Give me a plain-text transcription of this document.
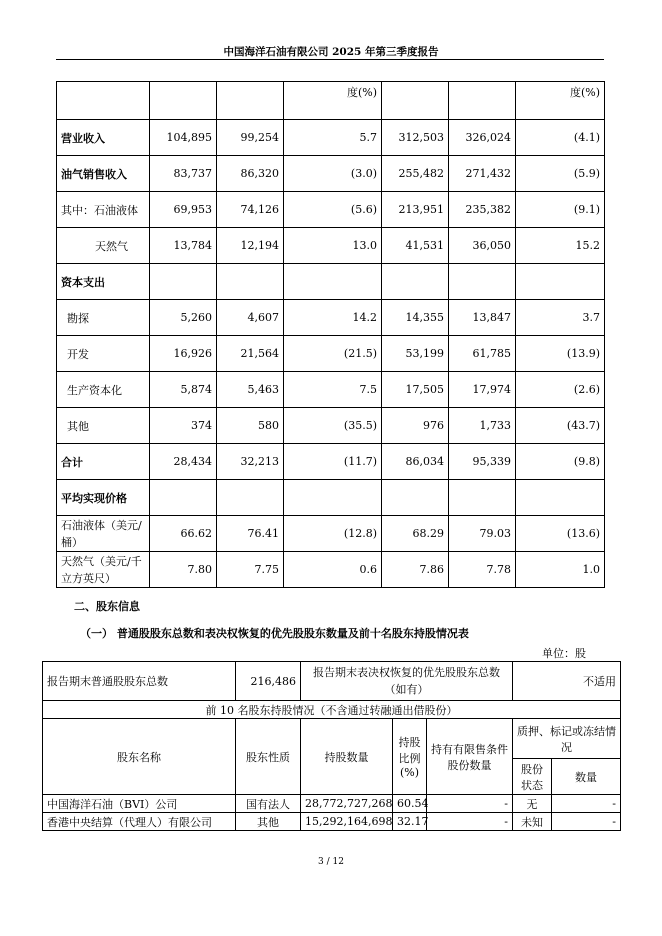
中国海洋石油有限公司 2025 年第三季度报告
			度(%)			度(%)
营业收入	104,895	99,254	5.7	312,503	326,024	(4.1)
油气销售收入	83,737	86,320	(3.0)	255,482	271,432	(5.9)
其中：石油液体	69,953	74,126	(5.6)	213,951	235,382	(9.1)
天然气	13,784	12,194	13.0	41,531	36,050	15.2
资本支出						
勘探	5,260	4,607	14.2	14,355	13,847	3.7
开发	16,926	21,564	(21.5)	53,199	61,785	(13.9)
生产资本化	5,874	5,463	7.5	17,505	17,974	(2.6)
其他	374	580	(35.5)	976	1,733	(43.7)
合计	28,434	32,213	(11.7)	86,034	95,339	(9.8)
平均实现价格						
石油液体（美元/桶）	66.62	76.41	(12.8)	68.29	79.03	(13.6)
天然气（美元/千立方英尺）	7.80	7.75	0.6	7.86	7.78	1.0
二、股东信息
（一） 普通股股东总数和表决权恢复的优先股股东数量及前十名股东持股情况表
单位：股
报告期末普通股股东总数	216,486	报告期末表决权恢复的优先股股东总数（如有）			不适用	
前 10 名股东持股情况（不含通过转融通出借股份）						
股东名称	股东性质	持股数量	持股比例(%)	持有有限售条件股份数量	质押、标记或冻结情况	
					股份状态	数量
中国海洋石油（BVI）公司	国有法人	28,772,727,268	60.54	-	无	-
香港中央结算（代理人）有限公司	其他	15,292,164,698	32.17	-	未知	-
3 / 12
